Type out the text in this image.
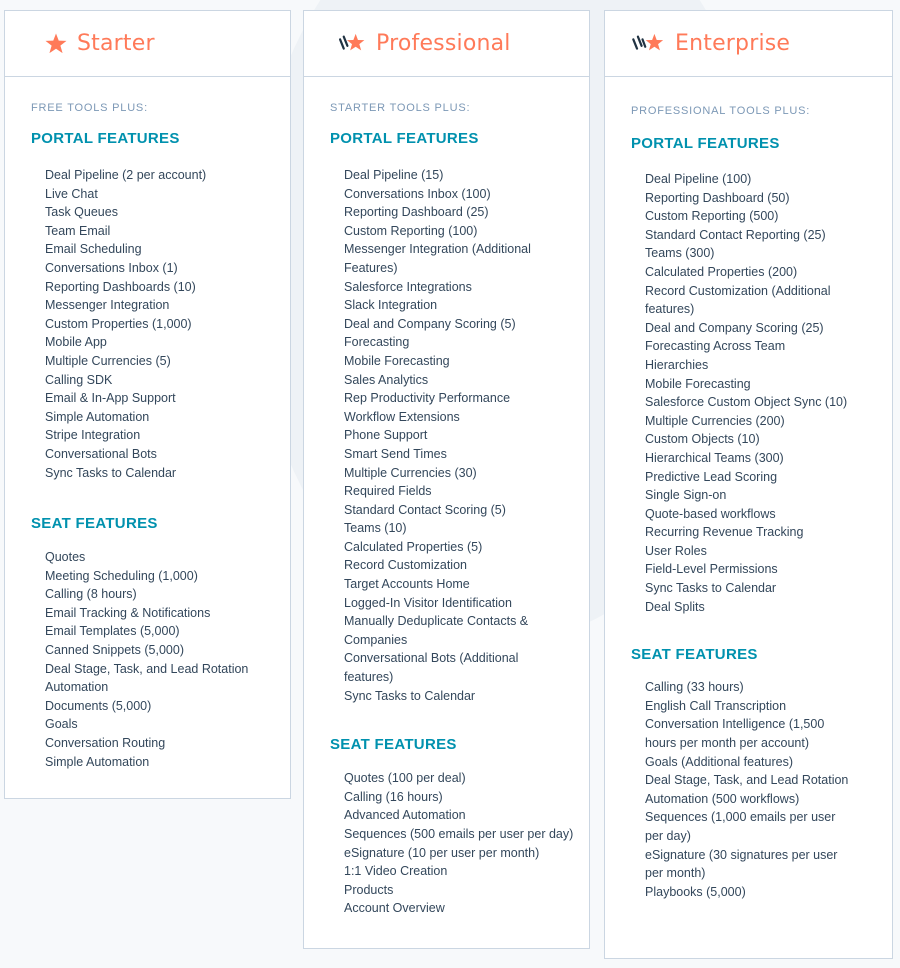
Starter
FREE TOOLS PLUS:
PORTAL FEATURES
Deal Pipeline (2 per account)
Live Chat
Task Queues
Team Email
Email Scheduling
Conversations Inbox (1)
Reporting Dashboards (10)
Messenger Integration
Custom Properties (1,000)
Mobile App
Multiple Currencies (5)
Calling SDK
Email & In-App Support
Simple Automation
Stripe Integration
Conversational Bots
Sync Tasks to Calendar
SEAT FEATURES
Quotes
Meeting Scheduling (1,000)
Calling (8 hours)
Email Tracking & Notifications
Email Templates (5,000)
Canned Snippets (5,000)
Deal Stage, Task, and Lead Rotation Automation
Documents (5,000)
Goals
Conversation Routing
Simple Automation
Professional
STARTER TOOLS PLUS:
PORTAL FEATURES
Deal Pipeline (15)
Conversations Inbox (100)
Reporting Dashboard (25)
Custom Reporting (100)
Messenger Integration (Additional Features)
Salesforce Integrations
Slack Integration
Deal and Company Scoring (5)
Forecasting
Mobile Forecasting
Sales Analytics
Rep Productivity Performance
Workflow Extensions
Phone Support
Smart Send Times
Multiple Currencies (30)
Required Fields
Standard Contact Scoring (5)
Teams (10)
Calculated Properties (5)
Record Customization
Target Accounts Home
Logged-In Visitor Identification
Manually Deduplicate Contacts & Companies
Conversational Bots (Additional features)
Sync Tasks to Calendar
SEAT FEATURES
Quotes (100 per deal)
Calling (16 hours)
Advanced Automation
Sequences (500 emails per user per day)
eSignature (10 per user per month)
1:1 Video Creation
Products
Account Overview
Enterprise
PROFESSIONAL TOOLS PLUS:
PORTAL FEATURES
Deal Pipeline (100)
Reporting Dashboard (50)
Custom Reporting (500)
Standard Contact Reporting (25)
Teams (300)
Calculated Properties (200)
Record Customization (Additional features)
Deal and Company Scoring (25)
Forecasting Across Team Hierarchies
Mobile Forecasting
Salesforce Custom Object Sync (10)
Multiple Currencies (200)
Custom Objects (10)
Hierarchical Teams (300)
Predictive Lead Scoring
Single Sign-on
Quote-based workflows
Recurring Revenue Tracking
User Roles
Field-Level Permissions
Sync Tasks to Calendar
Deal Splits
SEAT FEATURES
Calling (33 hours)
English Call Transcription
Conversation Intelligence (1,500 hours per month per account)
Goals (Additional features)
Deal Stage, Task, and Lead Rotation Automation (500 workflows)
Sequences (1,000 emails per user per day)
eSignature (30 signatures per user per month)
Playbooks (5,000)
